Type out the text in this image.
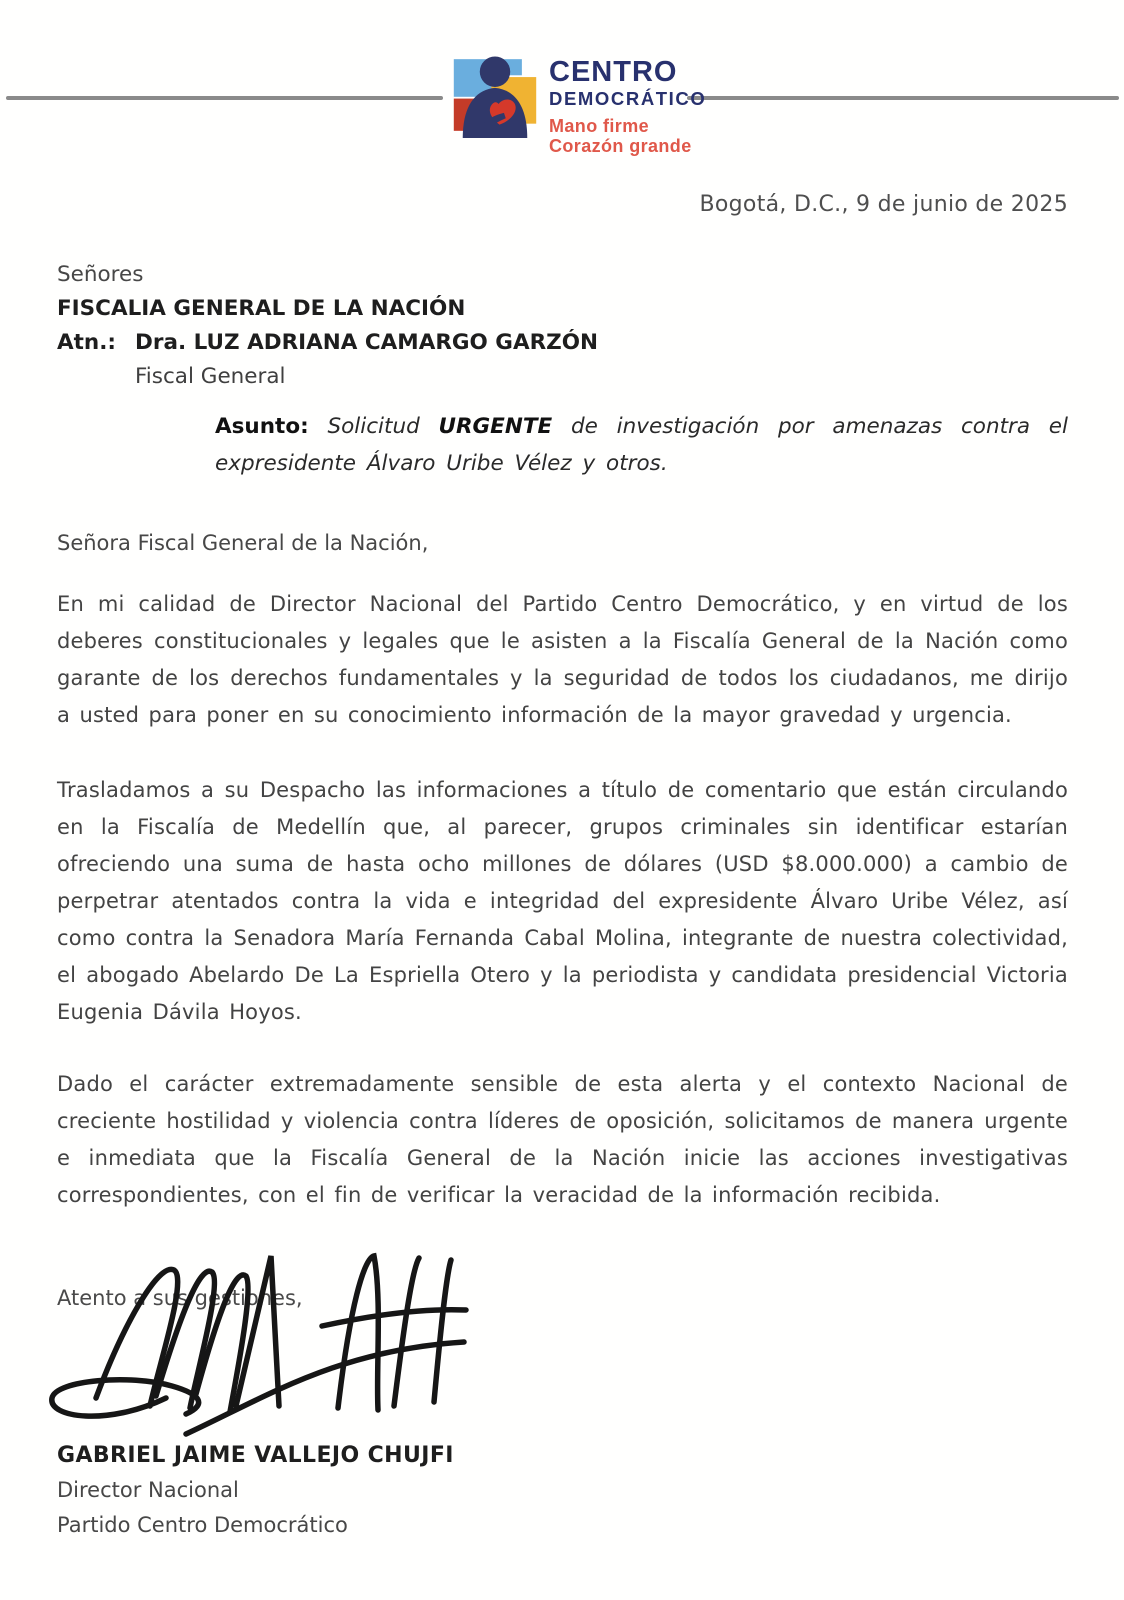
CENTRO
DEMOCRÁTICO
Mano firme
Corazón grande
Bogotá, D.C., 9 de junio de 2025
Señores
FISCALIA GENERAL DE LA NACIÓN
Atn.: Dra. LUZ ADRIANA CAMARGO GARZÓN
Fiscal General
Asunto: Solicitud URGENTE de investigación por amenazas contra el expresidente Álvaro Uribe Vélez y otros.

Señora Fiscal General de la Nación,

En mi calidad de Director Nacional del Partido Centro Democrático, y en virtud de los deberes constitucionales y legales que le asisten a la Fiscalía General de la Nación como garante de los derechos fundamentales y la seguridad de todos los ciudadanos, me dirijo a usted para poner en su conocimiento información de la mayor gravedad y urgencia.

Trasladamos a su Despacho las informaciones a título de comentario que están circulando en la Fiscalía de Medellín que, al parecer, grupos criminales sin identificar estarían ofreciendo una suma de hasta ocho millones de dólares (USD $8.000.000) a cambio de perpetrar atentados contra la vida e integridad del expresidente Álvaro Uribe Vélez, así como contra la Senadora María Fernanda Cabal Molina, integrante de nuestra colectividad, el abogado Abelardo De La Espriella Otero y la periodista y candidata presidencial Victoria Eugenia Dávila Hoyos.

Dado el carácter extremadamente sensible de esta alerta y el contexto Nacional de creciente hostilidad y violencia contra líderes de oposición, solicitamos de manera urgente e inmediata que la Fiscalía General de la Nación inicie las acciones investigativas correspondientes, con el fin de verificar la veracidad de la información recibida.

Atento a sus gestiones,

GABRIEL JAIME VALLEJO CHUJFI
Director Nacional
Partido Centro Democrático
